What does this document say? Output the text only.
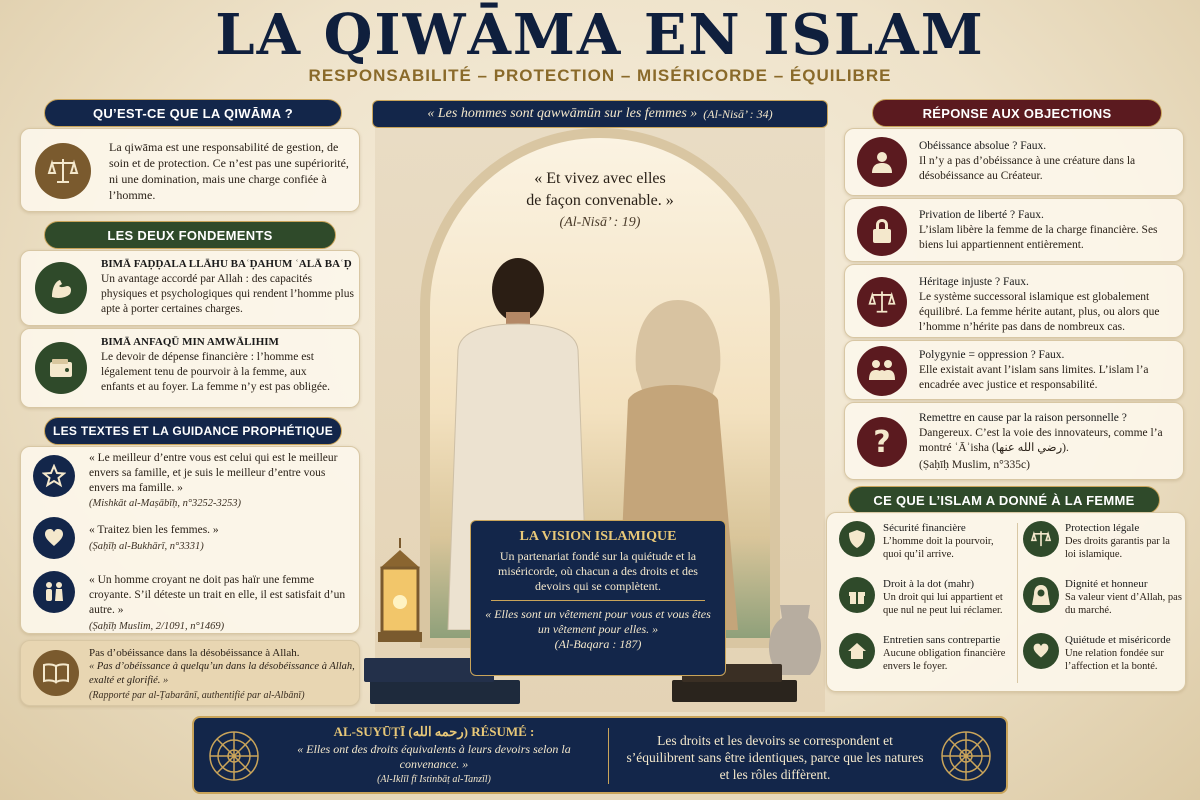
LA QIWĀMA EN ISLAM
RESPONSABILITÉ – PROTECTION – MISÉRICORDE – ÉQUILIBRE
QU’EST-CE QUE LA QIWĀMA ?
La qiwāma est une responsabilité de gestion, de soin et de protection. Ce n’est pas une supériorité, ni une domination, mais une charge confiée à l’homme.
LES DEUX FONDEMENTS
BIMĀ FAḌḌALA LLĀHU BAʿḌAHUM ʿALĀ BAʿḌ
Un avantage accordé par Allah : des capacités physiques et psychologiques qui rendent l’homme plus apte à porter certaines charges.
BIMĀ ANFAQŪ MIN AMWĀLIHIM
Le devoir de dépense financière : l’homme est légalement tenu de pourvoir à la femme, aux enfants et au foyer. La femme n’y est pas obligée.
LES TEXTES ET LA GUIDANCE PROPHÉTIQUE
« Le meilleur d’entre vous est celui qui est le meilleur envers sa famille, et je suis le meilleur d’entre vous envers ma famille. »
(Mishkāt al-Maṣābīḥ, n°3252-3253)
« Traitez bien les femmes. »
(Ṣaḥīḥ al-Bukhārī, n°3331)
« Un homme croyant ne doit pas haïr une femme croyante. S’il déteste un trait en elle, il est satisfait d’un autre. »
(Ṣaḥīḥ Muslim, 2/1091, n°1469)
Pas d’obéissance dans la désobéissance à Allah.
« Pas d’obéissance à quelqu’un dans la désobéissance à Allah, exalté et glorifié. »
(Rapporté par al-Ṭabarānī, authentifié par al-Albānī)
« Les hommes sont qawwāmūn sur les femmes » (Al-Nisā’ : 34)
« Et vivez avec elles
de façon convenable. »
(Al-Nisā’ : 19)
LA VISION ISLAMIQUE
Un partenariat fondé sur la quiétude et la miséricorde, où chacun a des droits et des devoirs qui se complètent.
« Elles sont un vêtement pour vous et vous êtes un vêtement pour elles. »
(Al-Baqara : 187)
RÉPONSE AUX OBJECTIONS
Obéissance absolue ? Faux.
Il n’y a pas d’obéissance à une créature dans la désobéissance au Créateur.
Privation de liberté ? Faux.
L’islam libère la femme de la charge financière. Ses biens lui appartiennent entièrement.
Héritage injuste ? Faux.
Le système successoral islamique est globalement équilibré. La femme hérite autant, plus, ou alors que l’homme n’hérite pas dans de nombreux cas.
Polygynie = oppression ? Faux.
Elle existait avant l’islam sans limites. L’islam l’a encadrée avec justice et responsabilité.
?
Remettre en cause par la raison personnelle ?
Dangereux. C’est la voie des innovateurs, comme l’a montré ʿĀʾisha (رضي الله عنها).
(Ṣaḥīḥ Muslim, n°335c)
CE QUE L’ISLAM A DONNÉ À LA FEMME
Sécurité financière
L’homme doit la pourvoir, quoi qu’il arrive.
Protection légale
Des droits garantis par la loi islamique.
Droit à la dot (mahr)
Un droit qui lui appartient et que nul ne peut lui réclamer.
Dignité et honneur
Sa valeur vient d’Allah, pas du marché.
Entretien sans contrepartie
Aucune obligation financière envers le foyer.
Quiétude et miséricorde
Une relation fondée sur l’affection et la bonté.
AL-SUYŪṬĪ (رحمه الله) RÉSUMÉ :
« Elles ont des droits équivalents à leurs devoirs selon la convenance. »
(Al-Iklīl fī Istinbāṭ al-Tanzīl)
Les droits et les devoirs se correspondent et s’équilibrent sans être identiques, parce que les natures et les rôles diffèrent.
